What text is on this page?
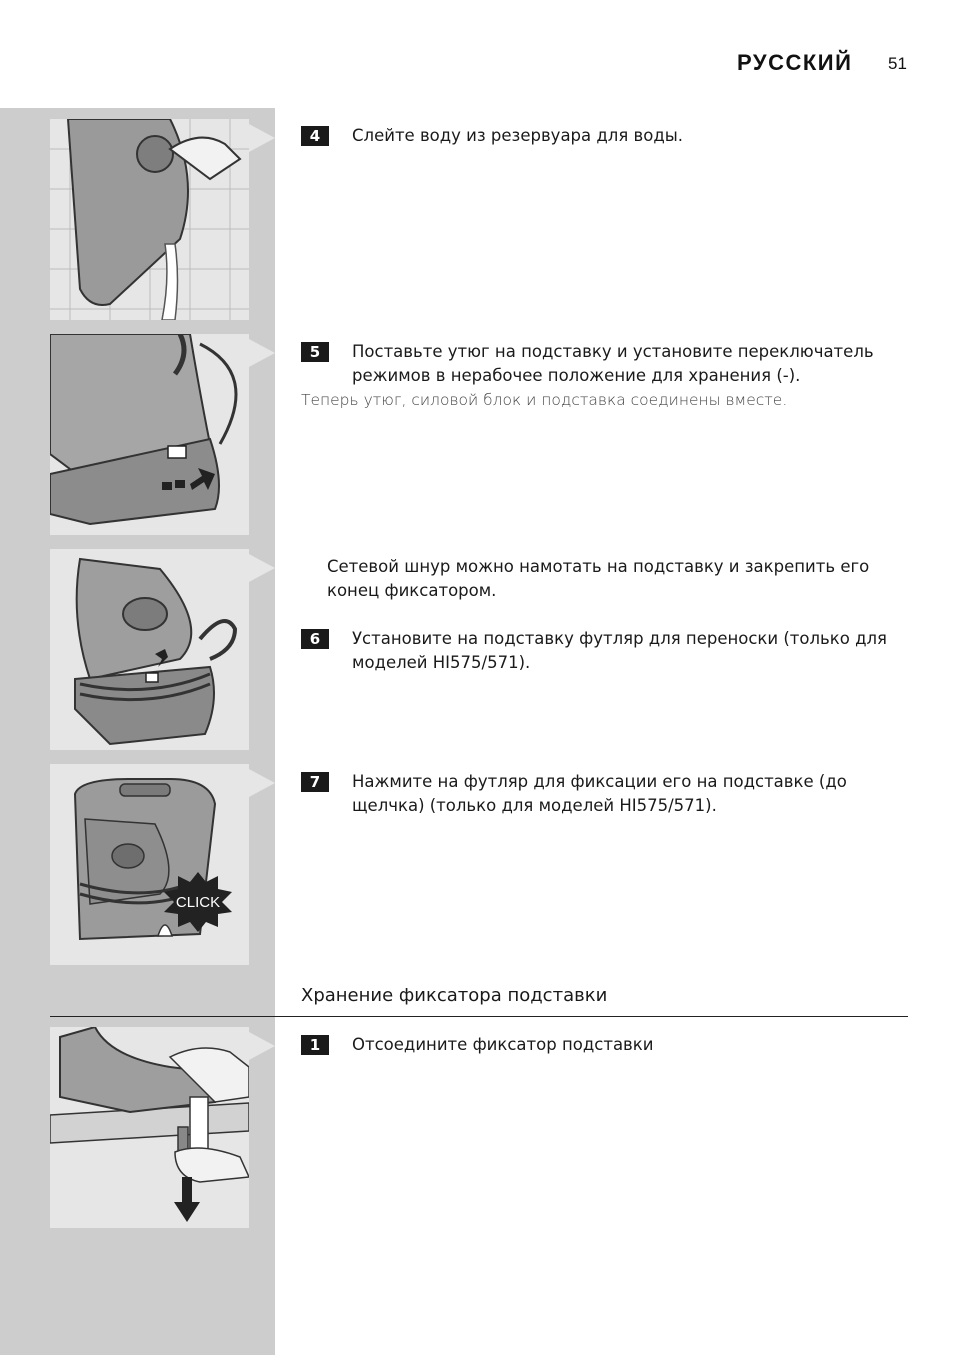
РУССКИЙ 51
CLICK
4	Слейте воду из резервуара для воды.
5	Поставьте утюг на подставку и установите переключатель режимов в нерабочее положение для хранения (-).
Теперь утюг, силовой блок и подставка соединены вместе.
Сетевой шнур можно намотать на подставку и закрепить его конец фиксатором.
6	Установите на подставку футляр для переноски (только для моделей HI575/571).
7	Нажмите на футляр для фиксации его на подставке (до щелчка) (только для моделей HI575/571).
Хранение фиксатора подставки
1	Отсоедините фиксатор подставки
